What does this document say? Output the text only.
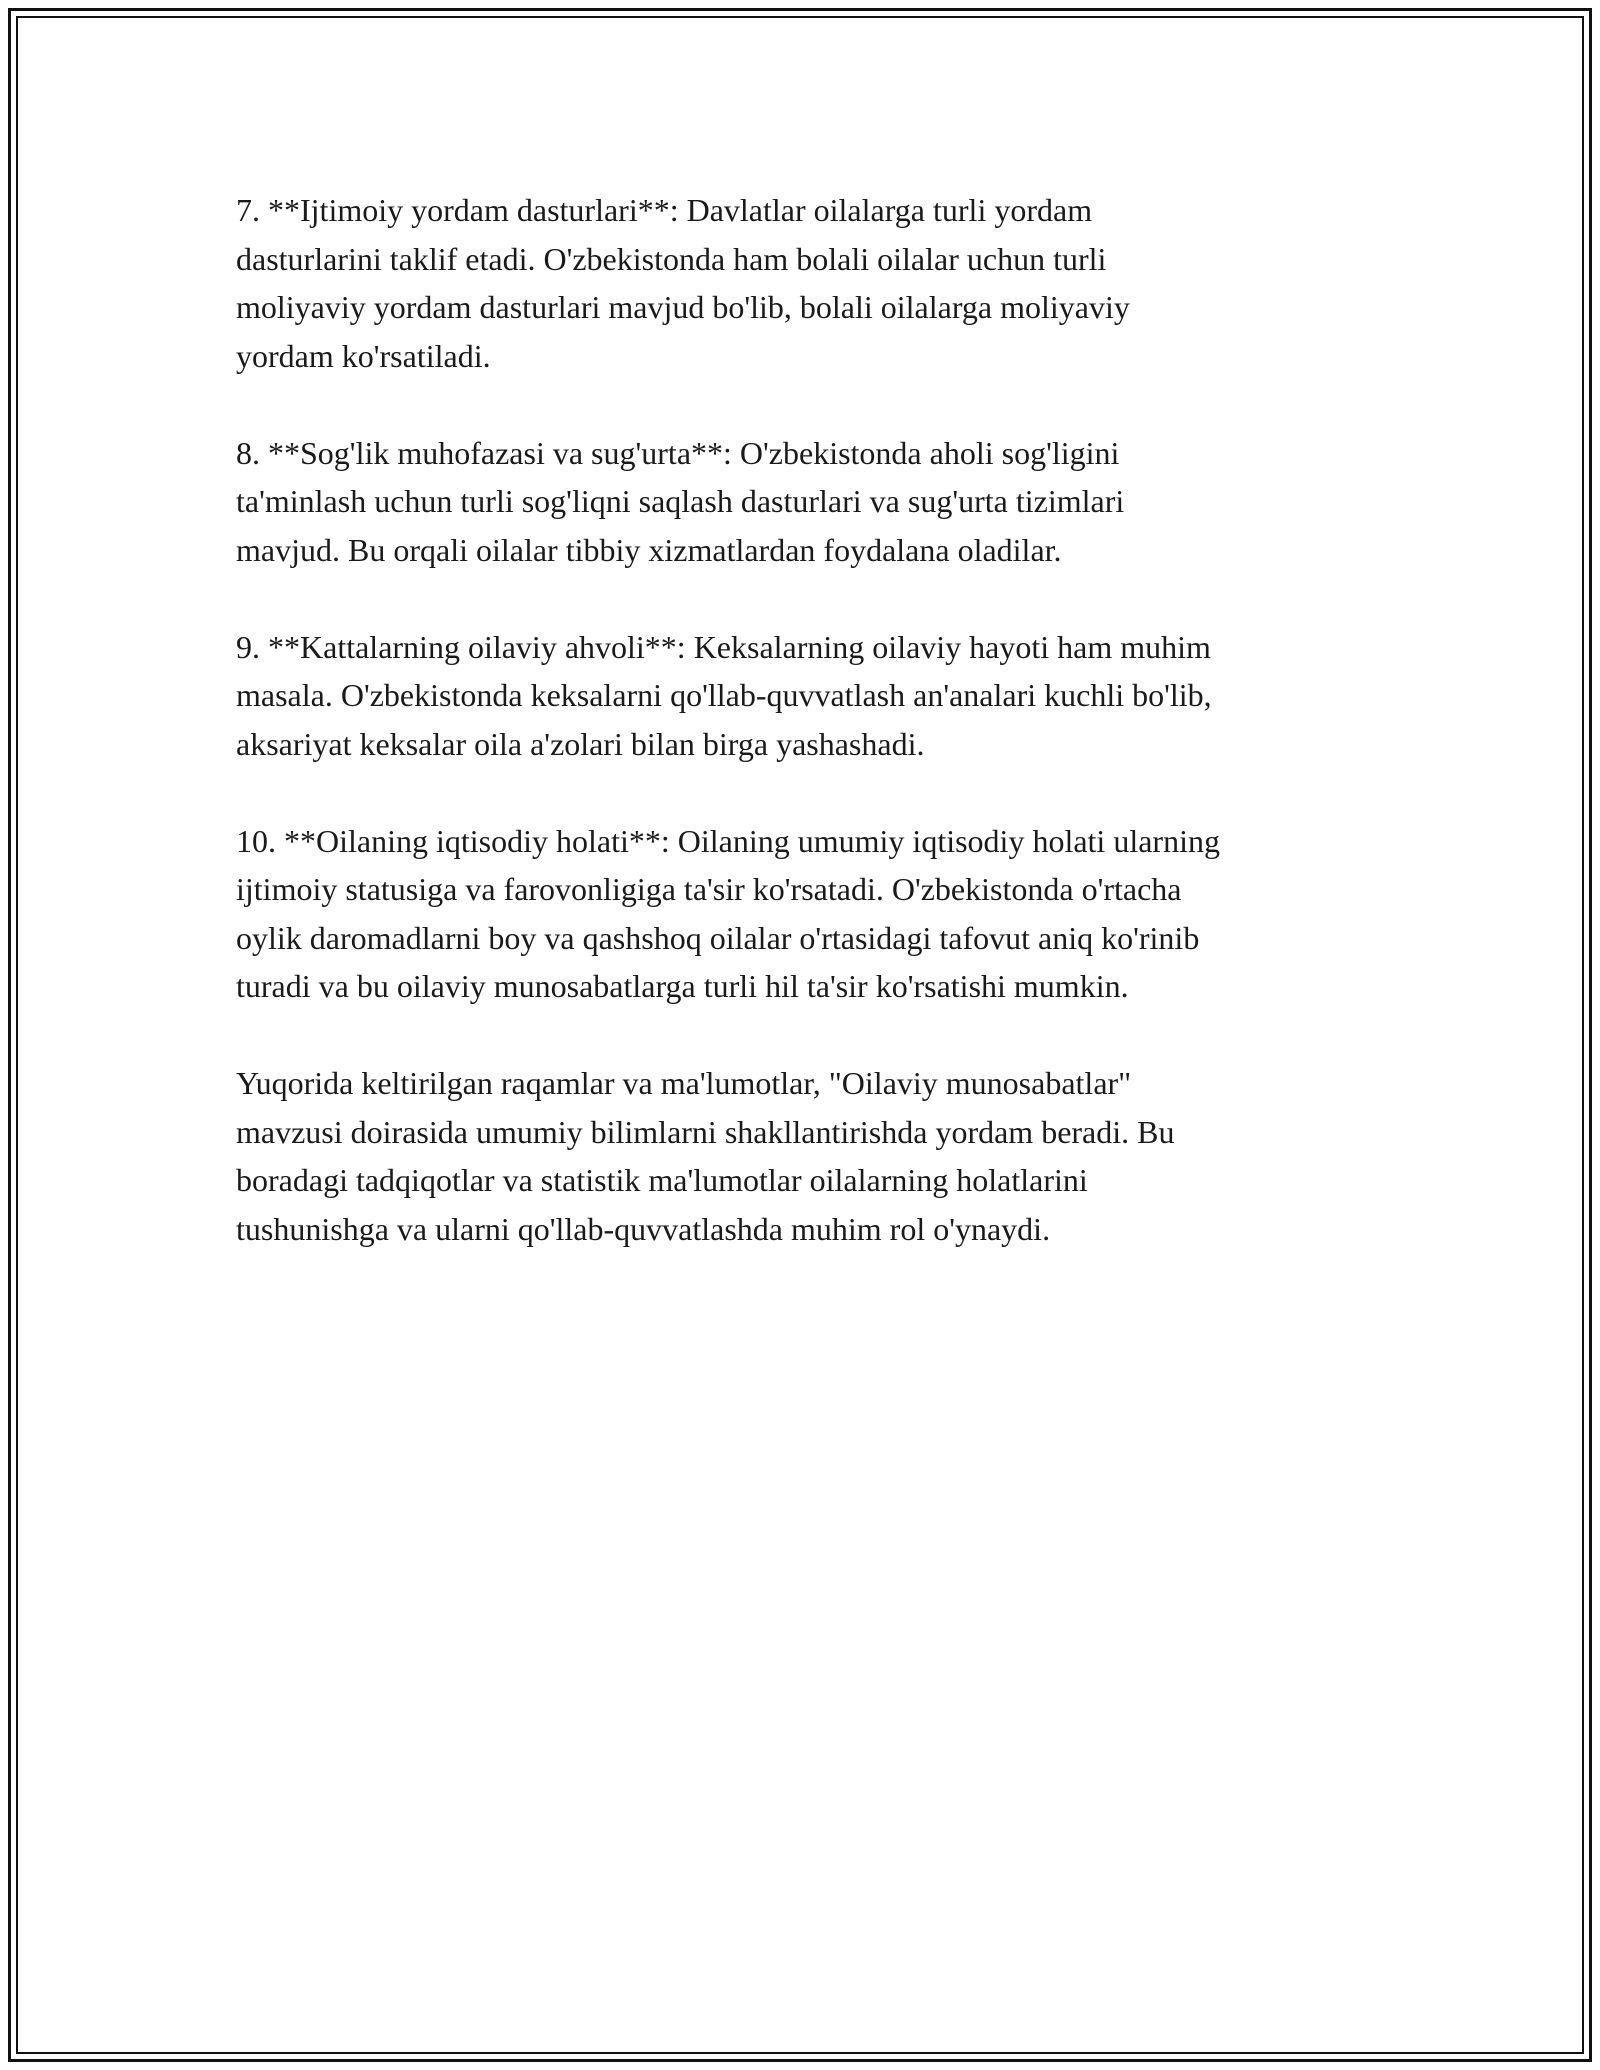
7. **Ijtimoiy yordam dasturlari**: Davlatlar oilalarga turli yordam
dasturlarini taklif etadi. O'zbekistonda ham bolali oilalar uchun turli
moliyaviy yordam dasturlari mavjud bo'lib, bolali oilalarga moliyaviy
yordam ko'rsatiladi.

8. **Sog'lik muhofazasi va sug'urta**: O'zbekistonda aholi sog'ligini
ta'minlash uchun turli sog'liqni saqlash dasturlari va sug'urta tizimlari
mavjud. Bu orqali oilalar tibbiy xizmatlardan foydalana oladilar.

9. **Kattalarning oilaviy ahvoli**: Keksalarning oilaviy hayoti ham muhim
masala. O'zbekistonda keksalarni qo'llab-quvvatlash an'analari kuchli bo'lib,
aksariyat keksalar oila a'zolari bilan birga yashashadi.

10. **Oilaning iqtisodiy holati**: Oilaning umumiy iqtisodiy holati ularning
ijtimoiy statusiga va farovonligiga ta'sir ko'rsatadi. O'zbekistonda o'rtacha
oylik daromadlarni boy va qashshoq oilalar o'rtasidagi tafovut aniq ko'rinib
turadi va bu oilaviy munosabatlarga turli hil ta'sir ko'rsatishi mumkin.

Yuqorida keltirilgan raqamlar va ma'lumotlar, "Oilaviy munosabatlar"
mavzusi doirasida umumiy bilimlarni shakllantirishda yordam beradi. Bu
boradagi tadqiqotlar va statistik ma'lumotlar oilalarning holatlarini
tushunishga va ularni qo'llab-quvvatlashda muhim rol o'ynaydi.
